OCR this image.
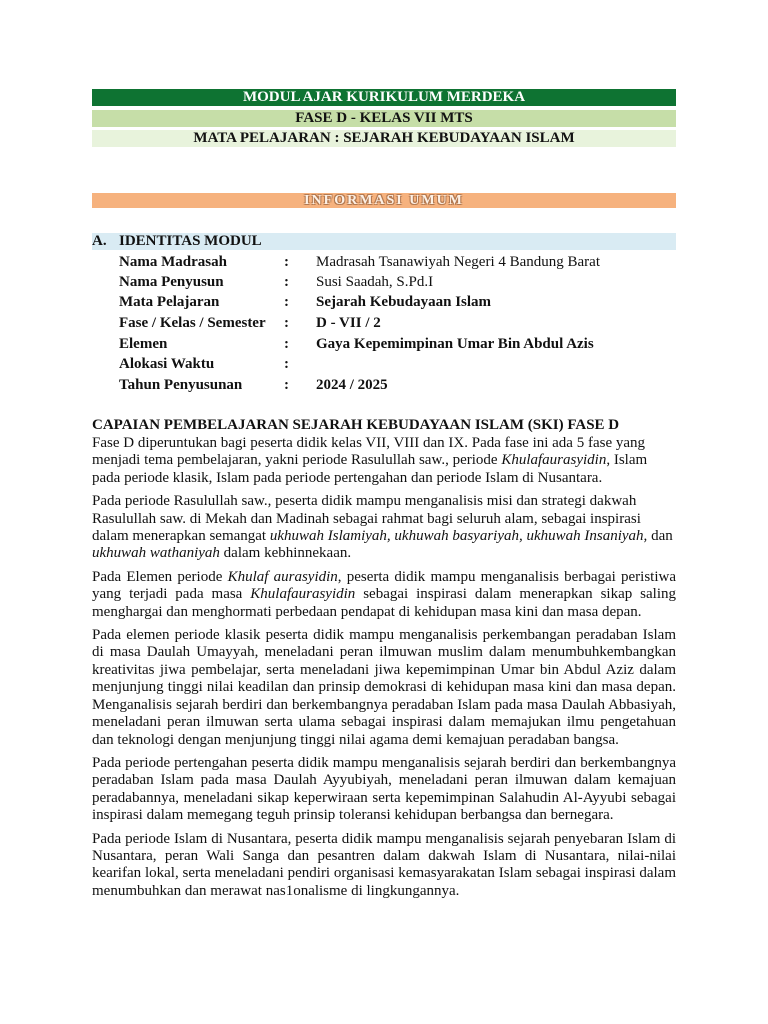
MODUL AJAR KURIKULUM MERDEKA
FASE D - KELAS VII MTS
MATA PELAJARAN : SEJARAH KEBUDAYAAN ISLAM
INFORMASI UMUM
A. IDENTITAS MODUL
Nama Madrasah	: Madrasah Tsanawiyah Negeri 4 Bandung Barat
Nama Penyusun	: Susi Saadah, S.Pd.I
Mata Pelajaran	: Sejarah Kebudayaan Islam
Fase / Kelas / Semester : D - VII / 2
Elemen	: Gaya Kepemimpinan Umar Bin Abdul Azis
Alokasi Waktu	:
Tahun Penyusunan	: 2024 / 2025
CAPAIAN PEMBELAJARAN SEJARAH KEBUDAYAAN ISLAM (SKI) FASE D

Fase D diperuntukan bagi peserta didik kelas VII, VIII dan IX. Pada fase ini ada 5 fase yang menjadi tema pembelajaran, yakni periode Rasulullah saw., periode Khulafaurasyidin, Islam pada periode klasik, Islam pada periode pertengahan dan periode Islam di Nusantara.

Pada periode Rasulullah saw., peserta didik mampu menganalisis misi dan strategi dakwah Rasulullah saw. di Mekah dan Madinah sebagai rahmat bagi seluruh alam, sebagai inspirasi dalam menerapkan semangat ukhuwah Islamiyah, ukhuwah basyariyah, ukhuwah Insaniyah, dan ukhuwah wathaniyah dalam kebhinnekaan.

Pada Elemen periode Khulaf aurasyidin, peserta didik mampu menganalisis berbagai peristiwa yang terjadi pada masa Khulafaurasyidin sebagai inspirasi dalam menerapkan sikap saling menghargai dan menghormati perbedaan pendapat di kehidupan masa kini dan masa depan.

Pada elemen periode klasik peserta didik mampu menganalisis perkembangan peradaban Islam di masa Daulah Umayyah, meneladani peran ilmuwan muslim dalam menumbuhkembangkan kreativitas jiwa pembelajar, serta meneladani jiwa kepemimpinan Umar bin Abdul Aziz dalam menjunjung tinggi nilai keadilan dan prinsip demokrasi di kehidupan masa kini dan masa depan. Menganalisis sejarah berdiri dan berkembangnya peradaban Islam pada masa Daulah Abbasiyah, meneladani peran ilmuwan serta ulama sebagai inspirasi dalam memajukan ilmu pengetahuan dan teknologi dengan menjunjung tinggi nilai agama demi kemajuan peradaban bangsa.

Pada periode pertengahan peserta didik mampu menganalisis sejarah berdiri dan berkembangnya peradaban Islam pada masa Daulah Ayyubiyah, meneladani peran ilmuwan dalam kemajuan peradabannya, meneladani sikap keperwiraan serta kepemimpinan Salahudin Al-Ayyubi sebagai inspirasi dalam memegang teguh prinsip toleransi kehidupan berbangsa dan bernegara.

Pada periode Islam di Nusantara, peserta didik mampu menganalisis sejarah penyebaran Islam di Nusantara, peran Wali Sanga dan pesantren dalam dakwah Islam di Nusantara, nilai-nilai kearifan lokal, serta meneladani pendiri organisasi kemasyarakatan Islam sebagai inspirasi dalam menumbuhkan dan merawat nas1onalisme di lingkungannya.
